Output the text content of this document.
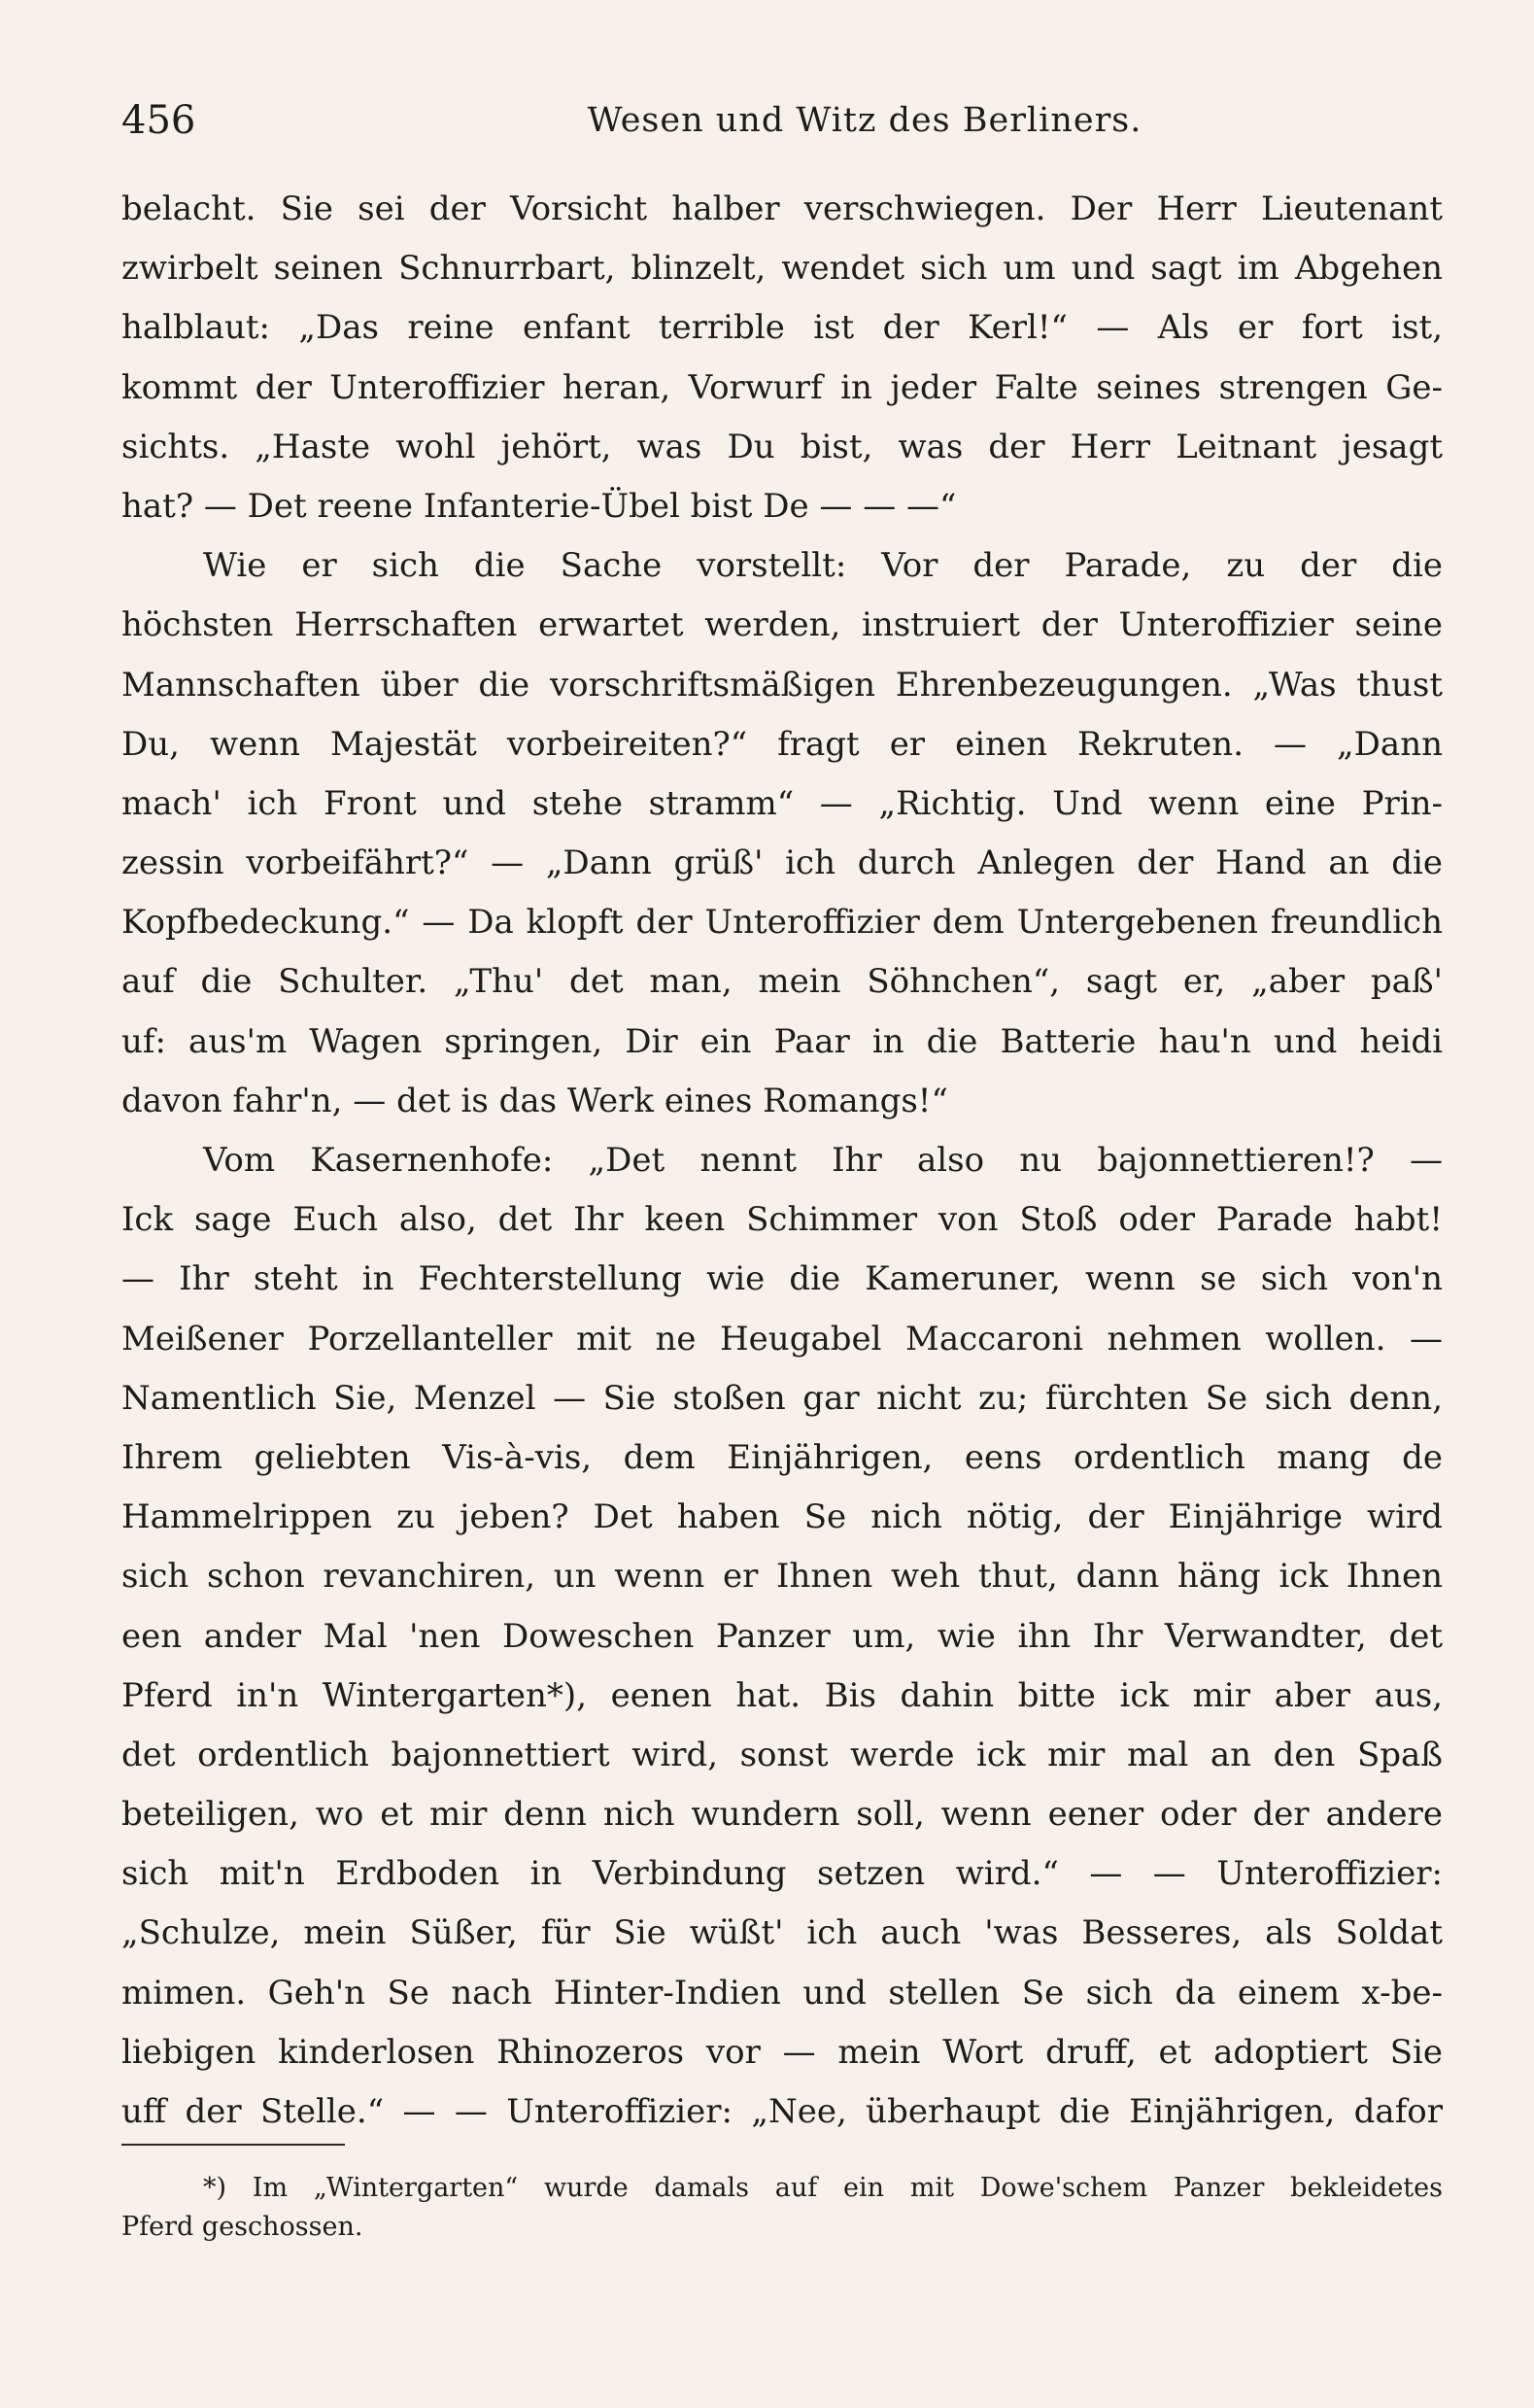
456	Wesen und Witz des Berliners.
belacht. Sie sei der Vorsicht halber verschwiegen. Der Herr Lieutenant
zwirbelt seinen Schnurrbart, blinzelt, wendet sich um und sagt im Abgehen
halblaut: „Das reine enfant terrible ist der Kerl!“ — Als er fort ist,
kommt der Unteroffizier heran, Vorwurf in jeder Falte seines strengen Ge-
sichts. „Haste wohl jehört, was Du bist, was der Herr Leitnant jesagt
hat? — Det reene Infanterie-Übel bist De — — —“
Wie er sich die Sache vorstellt: Vor der Parade, zu der die
höchsten Herrschaften erwartet werden, instruiert der Unteroffizier seine
Mannschaften über die vorschriftsmäßigen Ehrenbezeugungen. „Was thust
Du, wenn Majestät vorbeireiten?“ fragt er einen Rekruten. — „Dann
mach' ich Front und stehe stramm“ — „Richtig. Und wenn eine Prin-
zessin vorbeifährt?“ — „Dann grüß' ich durch Anlegen der Hand an die
Kopfbedeckung.“ — Da klopft der Unteroffizier dem Untergebenen freundlich
auf die Schulter. „Thu' det man, mein Söhnchen“, sagt er, „aber paß'
uf: aus'm Wagen springen, Dir ein Paar in die Batterie hau'n und heidi
davon fahr'n, — det is das Werk eines Romangs!“
Vom Kasernenhofe: „Det nennt Ihr also nu bajonnettieren!? —
Ick sage Euch also, det Ihr keen Schimmer von Stoß oder Parade habt!
— Ihr steht in Fechterstellung wie die Kameruner, wenn se sich von'n
Meißener Porzellanteller mit ne Heugabel Maccaroni nehmen wollen. —
Namentlich Sie, Menzel — Sie stoßen gar nicht zu; fürchten Se sich denn,
Ihrem geliebten Vis-à-vis, dem Einjährigen, eens ordentlich mang de
Hammelrippen zu jeben? Det haben Se nich nötig, der Einjährige wird
sich schon revanchiren, un wenn er Ihnen weh thut, dann häng ick Ihnen
een ander Mal 'nen Doweschen Panzer um, wie ihn Ihr Verwandter, det
Pferd in'n Wintergarten*), eenen hat. Bis dahin bitte ick mir aber aus,
det ordentlich bajonnettiert wird, sonst werde ick mir mal an den Spaß
beteiligen, wo et mir denn nich wundern soll, wenn eener oder der andere
sich mit'n Erdboden in Verbindung setzen wird.“ — — Unteroffizier:
„Schulze, mein Süßer, für Sie wüßt' ich auch 'was Besseres, als Soldat
mimen. Geh'n Se nach Hinter-Indien und stellen Se sich da einem x-be-
liebigen kinderlosen Rhinozeros vor — mein Wort druff, et adoptiert Sie
uff der Stelle.“ — — Unteroffizier: „Nee, überhaupt die Einjährigen, dafor
*) Im „Wintergarten“ wurde damals auf ein mit Dowe'schem Panzer bekleidetes
Pferd geschossen.
